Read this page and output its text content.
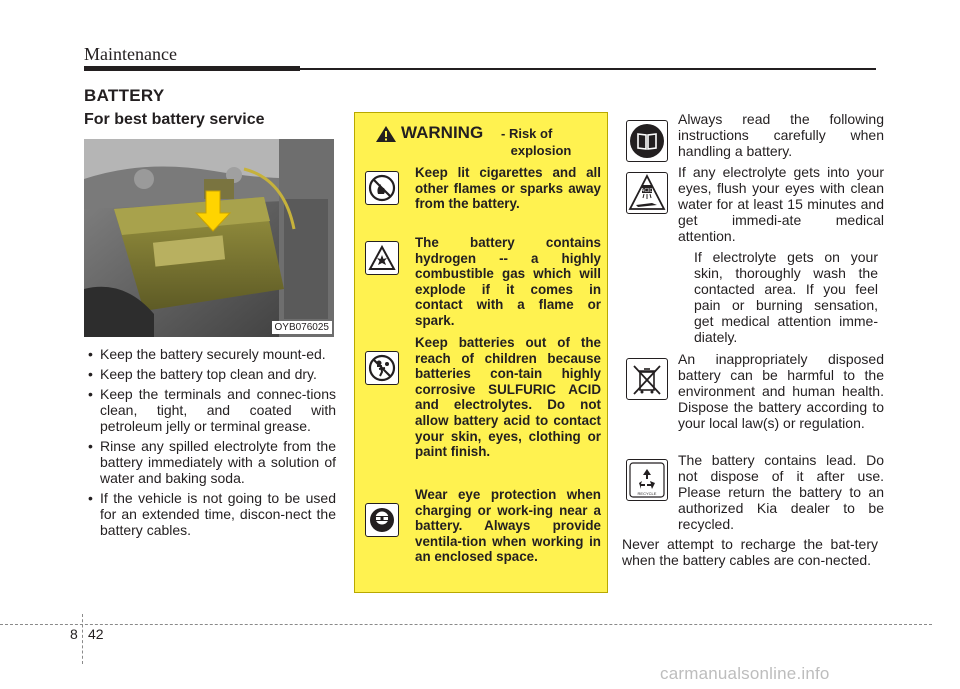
Maintenance
BATTERY
For best battery service
OYB076025
• Keep the battery securely mount-ed.
• Keep the battery top clean and dry.
• Keep the terminals and connec-tions clean, tight, and coated with petroleum jelly or terminal grease.
• Rinse any spilled electrolyte from the battery immediately with a solution of water and baking soda.
• If the vehicle is not going to be used for an extended time, discon-nect the battery cables.
WARNING - Risk of
explosion
Keep lit cigarettes and all other flames or sparks away from the battery.
The battery contains hydrogen -- a highly combustible gas which will explode if it comes in contact with a flame or spark.
Keep batteries out of the reach of children because batteries con-tain highly corrosive SULFURIC ACID and electrolytes. Do not allow battery acid to contact your skin, eyes, clothing or paint finish.
Wear eye protection when charging or work-ing near a battery. Always provide ventila-tion when working in an enclosed space.
Always read the following instructions carefully when handling a battery.
ACID
If any electrolyte gets into your eyes, flush your eyes with clean water for at least 15 minutes and get immedi-ate medical attention.
If electrolyte gets on your skin, thoroughly wash the contacted area. If you feel pain or burning sensation, get medical attention imme-diately.
An inappropriately disposed battery can be harmful to the environment and human health. Dispose the battery according to your local law(s) or regulation.
RECYCLE
The battery contains lead. Do not dispose of it after use. Please return the battery to an authorized Kia dealer to be recycled.
Never attempt to recharge the bat-tery when the battery cables are con-nected.
8 42
carmanualsonline.info
